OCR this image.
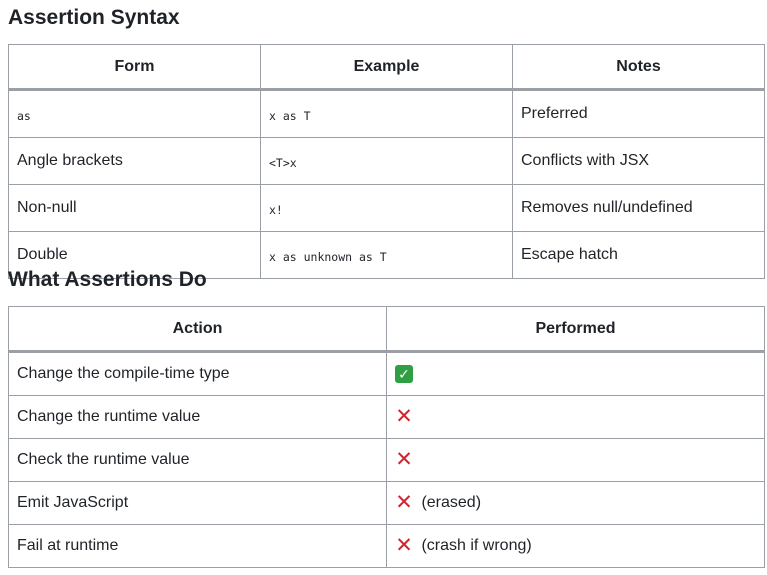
Assertion Syntax
Form	Example	Notes
as	x as T	Preferred
Angle brackets	<T>x	Conflicts with JSX
Non-null	x!	Removes null/undefined
Double	x as unknown as T	Escape hatch
What Assertions Do
Action	Performed
Change the compile-time type	✓
Change the runtime value	✕
Check the runtime value	✕
Emit JavaScript	✕ (erased)
Fail at runtime	✕ (crash if wrong)
